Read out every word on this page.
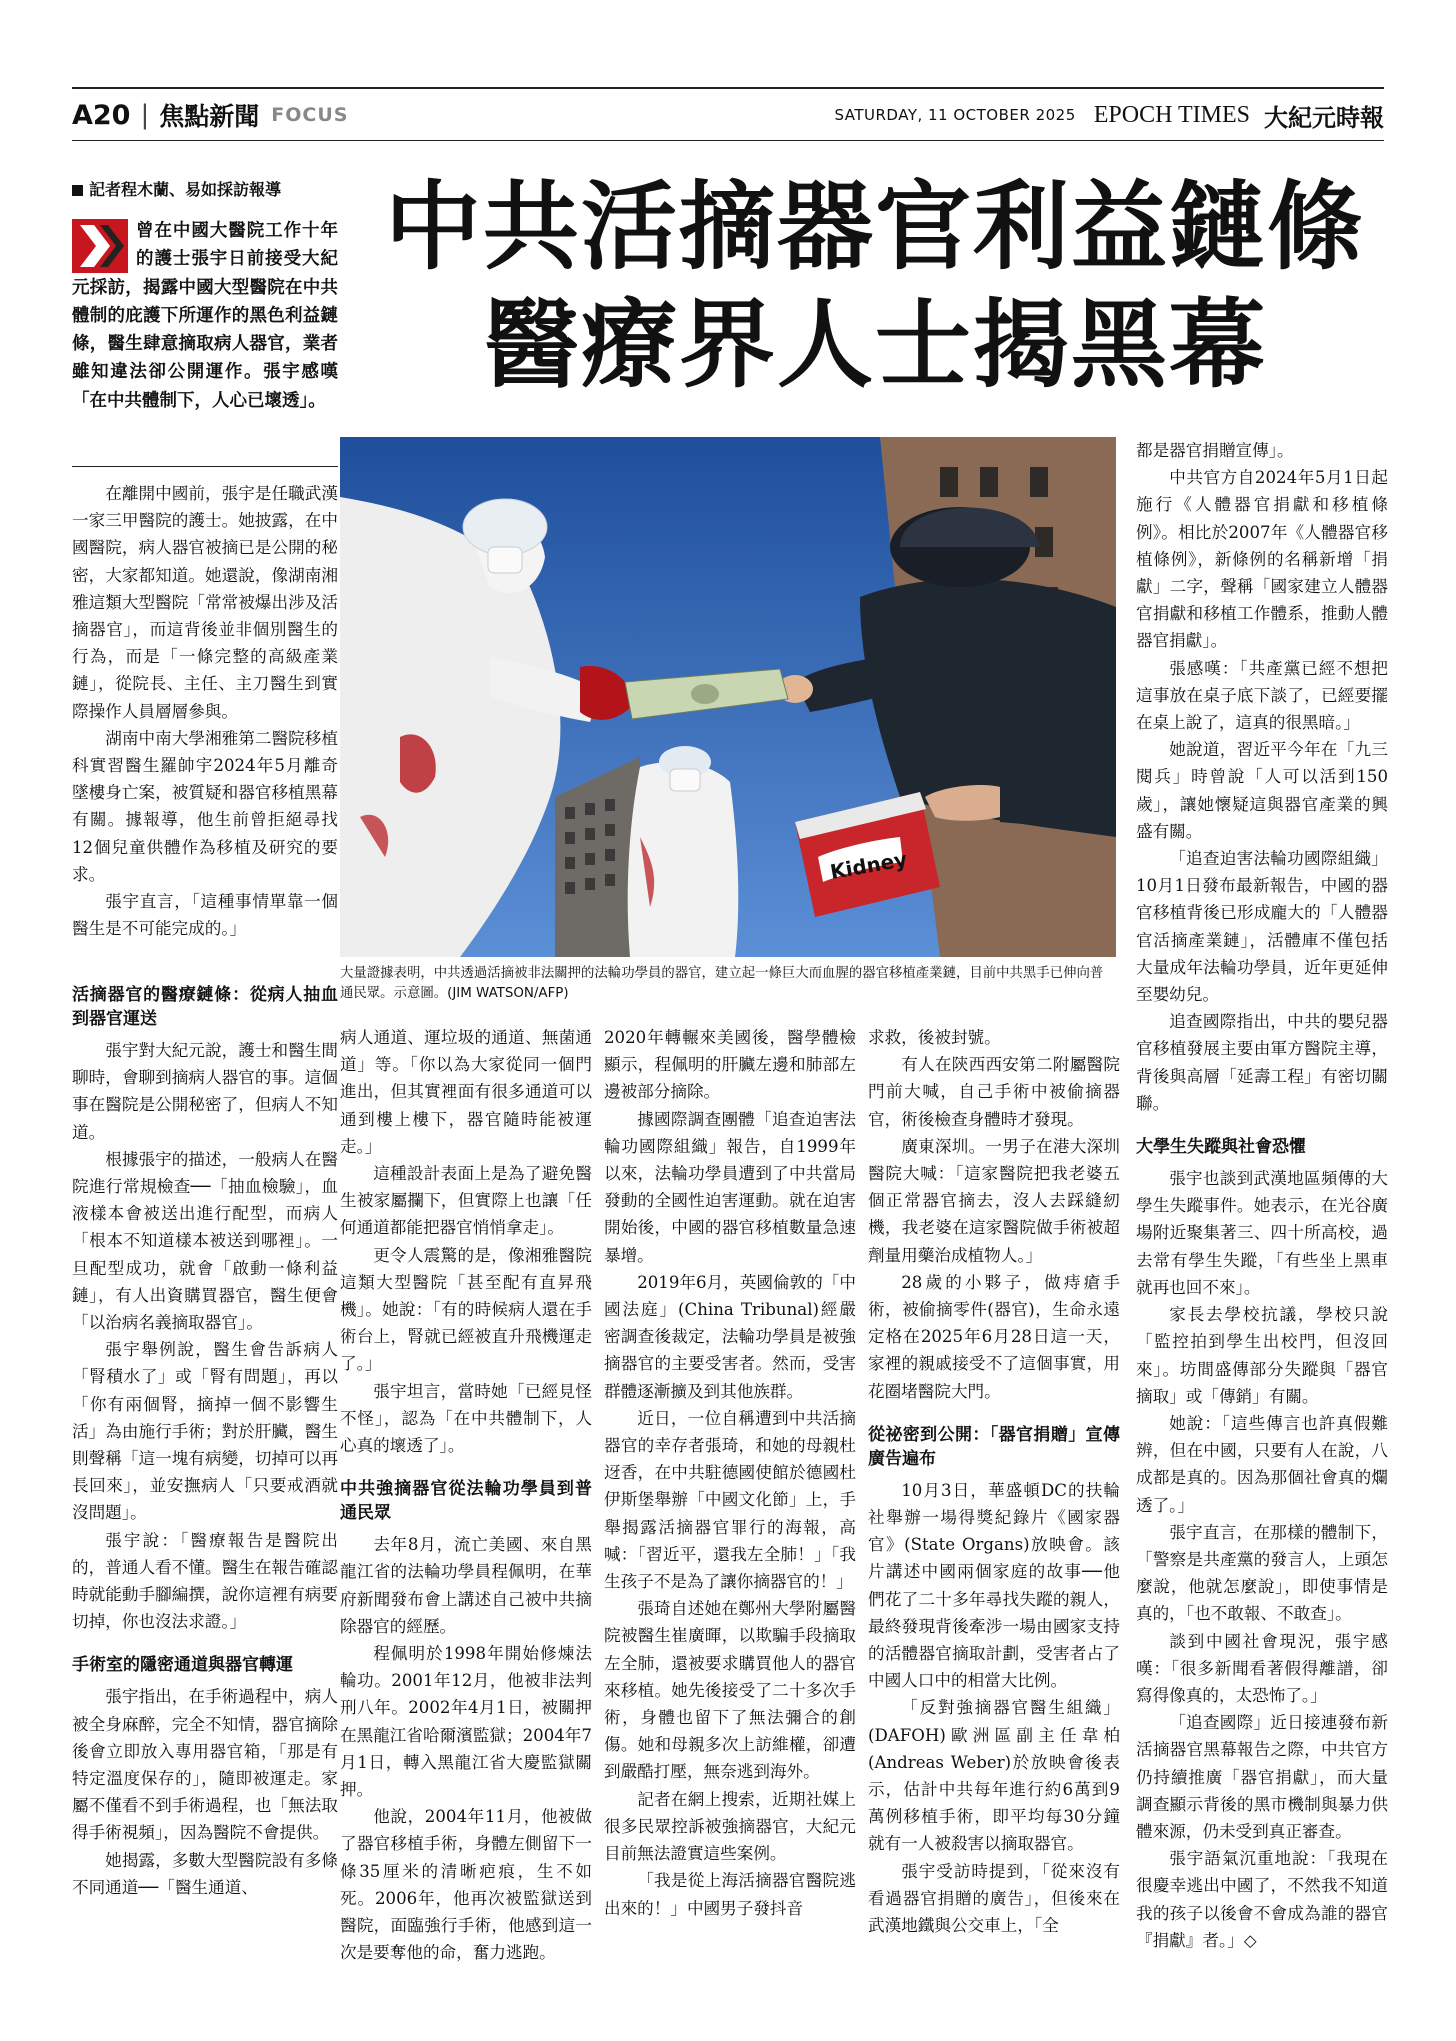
A20 | 焦點新聞 FOCUS	SATURDAY, 11 OCTOBER 2025 EPOCH TIMES 大紀元時報
記者程木蘭、易如採訪報導
曾在中國大醫院工作十年的護士張宇日前接受大紀元採訪，揭露中國大型醫院在中共體制的庇護下所運作的黑色利益鏈條，醫生肆意摘取病人器官，業者雖知違法卻公開運作。張宇感嘆「在中共體制下，人心已壞透」。
中共活摘器官利益鏈條
醫療界人士揭黑幕
Kidney
大量證據表明，中共透過活摘被非法關押的法輪功學員的器官，建立起一條巨大而血腥的器官移植產業鏈，目前中共黑手已伸向普通民眾。示意圖。(JIM WATSON/AFP)

在離開中國前，張宇是任職武漢一家三甲醫院的護士。她披露，在中國醫院，病人器官被摘已是公開的秘密，大家都知道。她還說，像湖南湘雅這類大型醫院「常常被爆出涉及活摘器官」，而這背後並非個別醫生的行為，而是「一條完整的高級產業鏈」，從院長、主任、主刀醫生到實際操作人員層層參與。

湖南中南大學湘雅第二醫院移植科實習醫生羅帥宇2024年5月離奇墜樓身亡案，被質疑和器官移植黑幕有關。據報導，他生前曾拒絕尋找12個兒童供體作為移植及研究的要求。

張宇直言，「這種事情單靠一個醫生是不可能完成的。」

活摘器官的醫療鏈條：從病人抽血到器官運送

張宇對大紀元說，護士和醫生間聊時，會聊到摘病人器官的事。這個事在醫院是公開秘密了，但病人不知道。

根據張宇的描述，一般病人在醫院進行常規檢查──「抽血檢驗」，血液樣本會被送出進行配型，而病人「根本不知道樣本被送到哪裡」。一旦配型成功，就會「啟動一條利益鏈」，有人出資購買器官，醫生便會「以治病名義摘取器官」。

張宇舉例說，醫生會告訴病人「腎積水了」或「腎有問題」，再以「你有兩個腎，摘掉一個不影響生活」為由施行手術；對於肝臟，醫生則聲稱「這一塊有病變，切掉可以再長回來」，並安撫病人「只要戒酒就沒問題」。

張宇說：「醫療報告是醫院出的，普通人看不懂。醫生在報告確認時就能動手腳編撰，說你這裡有病要切掉，你也沒法求證。」

手術室的隱密通道與器官轉運

張宇指出，在手術過程中，病人被全身麻醉，完全不知情，器官摘除後會立即放入專用器官箱，「那是有特定溫度保存的」，隨即被運走。家屬不僅看不到手術過程，也「無法取得手術視頻」，因為醫院不會提供。

她揭露，多數大型醫院設有多條不同通道──「醫生通道、

病人通道、運垃圾的通道、無菌通道」等。「你以為大家從同一個門進出，但其實裡面有很多通道可以通到樓上樓下，器官隨時能被運走。」

這種設計表面上是為了避免醫生被家屬攔下，但實際上也讓「任何通道都能把器官悄悄拿走」。

更令人震驚的是，像湘雅醫院這類大型醫院「甚至配有直昇飛機」。她說：「有的時候病人還在手術台上，腎就已經被直升飛機運走了。」

張宇坦言，當時她「已經見怪不怪」，認為「在中共體制下，人心真的壞透了」。

中共強摘器官從法輪功學員到普通民眾

去年8月，流亡美國、來自黑龍江省的法輪功學員程佩明，在華府新聞發布會上講述自己被中共摘除器官的經歷。

程佩明於1998年開始修煉法輪功。2001年12月，他被非法判刑八年。2002年4月1日，被關押在黑龍江省哈爾濱監獄；2004年7月1日，轉入黑龍江省大慶監獄關押。

他說，2004年11月，他被做了器官移植手術，身體左側留下一條35厘米的清晰疤痕，生不如死。2006年，他再次被監獄送到醫院，面臨強行手術，他感到這一次是要奪他的命，奮力逃跑。

2020年轉輾來美國後，醫學體檢顯示，程佩明的肝臟左邊和肺部左邊被部分摘除。

據國際調查團體「追查迫害法輪功國際組織」報告，自1999年以來，法輪功學員遭到了中共當局發動的全國性迫害運動。就在迫害開始後，中國的器官移植數量急速暴增。

2019年6月，英國倫敦的「中國法庭」(China Tribunal)經嚴密調查後裁定，法輪功學員是被強摘器官的主要受害者。然而，受害群體逐漸擴及到其他族群。

近日，一位自稱遭到中共活摘器官的幸存者張琦，和她的母親杜迓香，在中共駐德國使館於德國杜伊斯堡舉辦「中國文化節」上，手舉揭露活摘器官罪行的海報，高喊：「習近平，還我左全肺！」「我生孩子不是為了讓你摘器官的！」

張琦自述她在鄭州大學附屬醫院被醫生崔廣暉，以欺騙手段摘取左全肺，還被要求購買他人的器官來移植。她先後接受了二十多次手術，身體也留下了無法彌合的創傷。她和母親多次上訪維權，卻遭到嚴酷打壓，無奈逃到海外。

記者在網上搜索，近期社媒上很多民眾控訴被強摘器官，大紀元目前無法證實這些案例。

「我是從上海活摘器官醫院逃出來的！」中國男子發抖音

求救，後被封號。

有人在陝西西安第二附屬醫院門前大喊，自己手術中被偷摘器官，術後檢查身體時才發現。

廣東深圳。一男子在港大深圳醫院大喊：「這家醫院把我老婆五個正常器官摘去，沒人去踩縫紉機，我老婆在這家醫院做手術被超劑量用藥治成植物人。」

28歲的小夥子，做痔瘡手術，被偷摘零件(器官)，生命永遠定格在2025年6月28日這一天，家裡的親戚接受不了這個事實，用花圈堵醫院大門。

從祕密到公開：「器官捐贈」宣傳廣告遍布

10月3日，華盛頓DC的扶輪社舉辦一場得獎紀錄片《國家器官》(State Organs)放映會。該片講述中國兩個家庭的故事──他們花了二十多年尋找失蹤的親人，最終發現背後牽涉一場由國家支持的活體器官摘取計劃，受害者占了中國人口中的相當大比例。

「反對強摘器官醫生組織」(DAFOH)歐洲區副主任韋柏(Andreas Weber)於放映會後表示，估計中共每年進行約6萬到9萬例移植手術，即平均每30分鐘就有一人被殺害以摘取器官。

張宇受訪時提到，「從來沒有看過器官捐贈的廣告」，但後來在武漢地鐵與公交車上，「全

都是器官捐贈宣傳」。

中共官方自2024年5月1日起施行《人體器官捐獻和移植條例》。相比於2007年《人體器官移植條例》，新條例的名稱新增「捐獻」二字，聲稱「國家建立人體器官捐獻和移植工作體系，推動人體器官捐獻」。

張感嘆：「共產黨已經不想把這事放在桌子底下談了，已經要擺在桌上說了，這真的很黑暗。」

她說道，習近平今年在「九三閱兵」時曾說「人可以活到150歲」，讓她懷疑這與器官產業的興盛有關。

「追查迫害法輪功國際組織」10月1日發布最新報告，中國的器官移植背後已形成龐大的「人體器官活摘產業鏈」，活體庫不僅包括大量成年法輪功學員，近年更延伸至嬰幼兒。

追查國際指出，中共的嬰兒器官移植發展主要由軍方醫院主導，背後與高層「延壽工程」有密切關聯。

大學生失蹤與社會恐懼

張宇也談到武漢地區頻傳的大學生失蹤事件。她表示，在光谷廣場附近聚集著三、四十所高校，過去常有學生失蹤，「有些坐上黑車就再也回不來」。

家長去學校抗議，學校只說「監控拍到學生出校門，但沒回來」。坊間盛傳部分失蹤與「器官摘取」或「傳銷」有關。

她說：「這些傳言也許真假難辨，但在中國，只要有人在說，八成都是真的。因為那個社會真的爛透了。」

張宇直言，在那樣的體制下，「警察是共產黨的發言人，上頭怎麼說，他就怎麼說」，即使事情是真的，「也不敢報、不敢查」。

談到中國社會現況，張宇感嘆：「很多新聞看著假得離譜，卻寫得像真的，太恐怖了。」

「追查國際」近日接連發布新活摘器官黑幕報告之際，中共官方仍持續推廣「器官捐獻」，而大量調查顯示背後的黑市機制與暴力供體來源，仍未受到真正審查。

張宇語氣沉重地說：「我現在很慶幸逃出中國了，不然我不知道我的孩子以後會不會成為誰的器官『捐獻』者。」◇
